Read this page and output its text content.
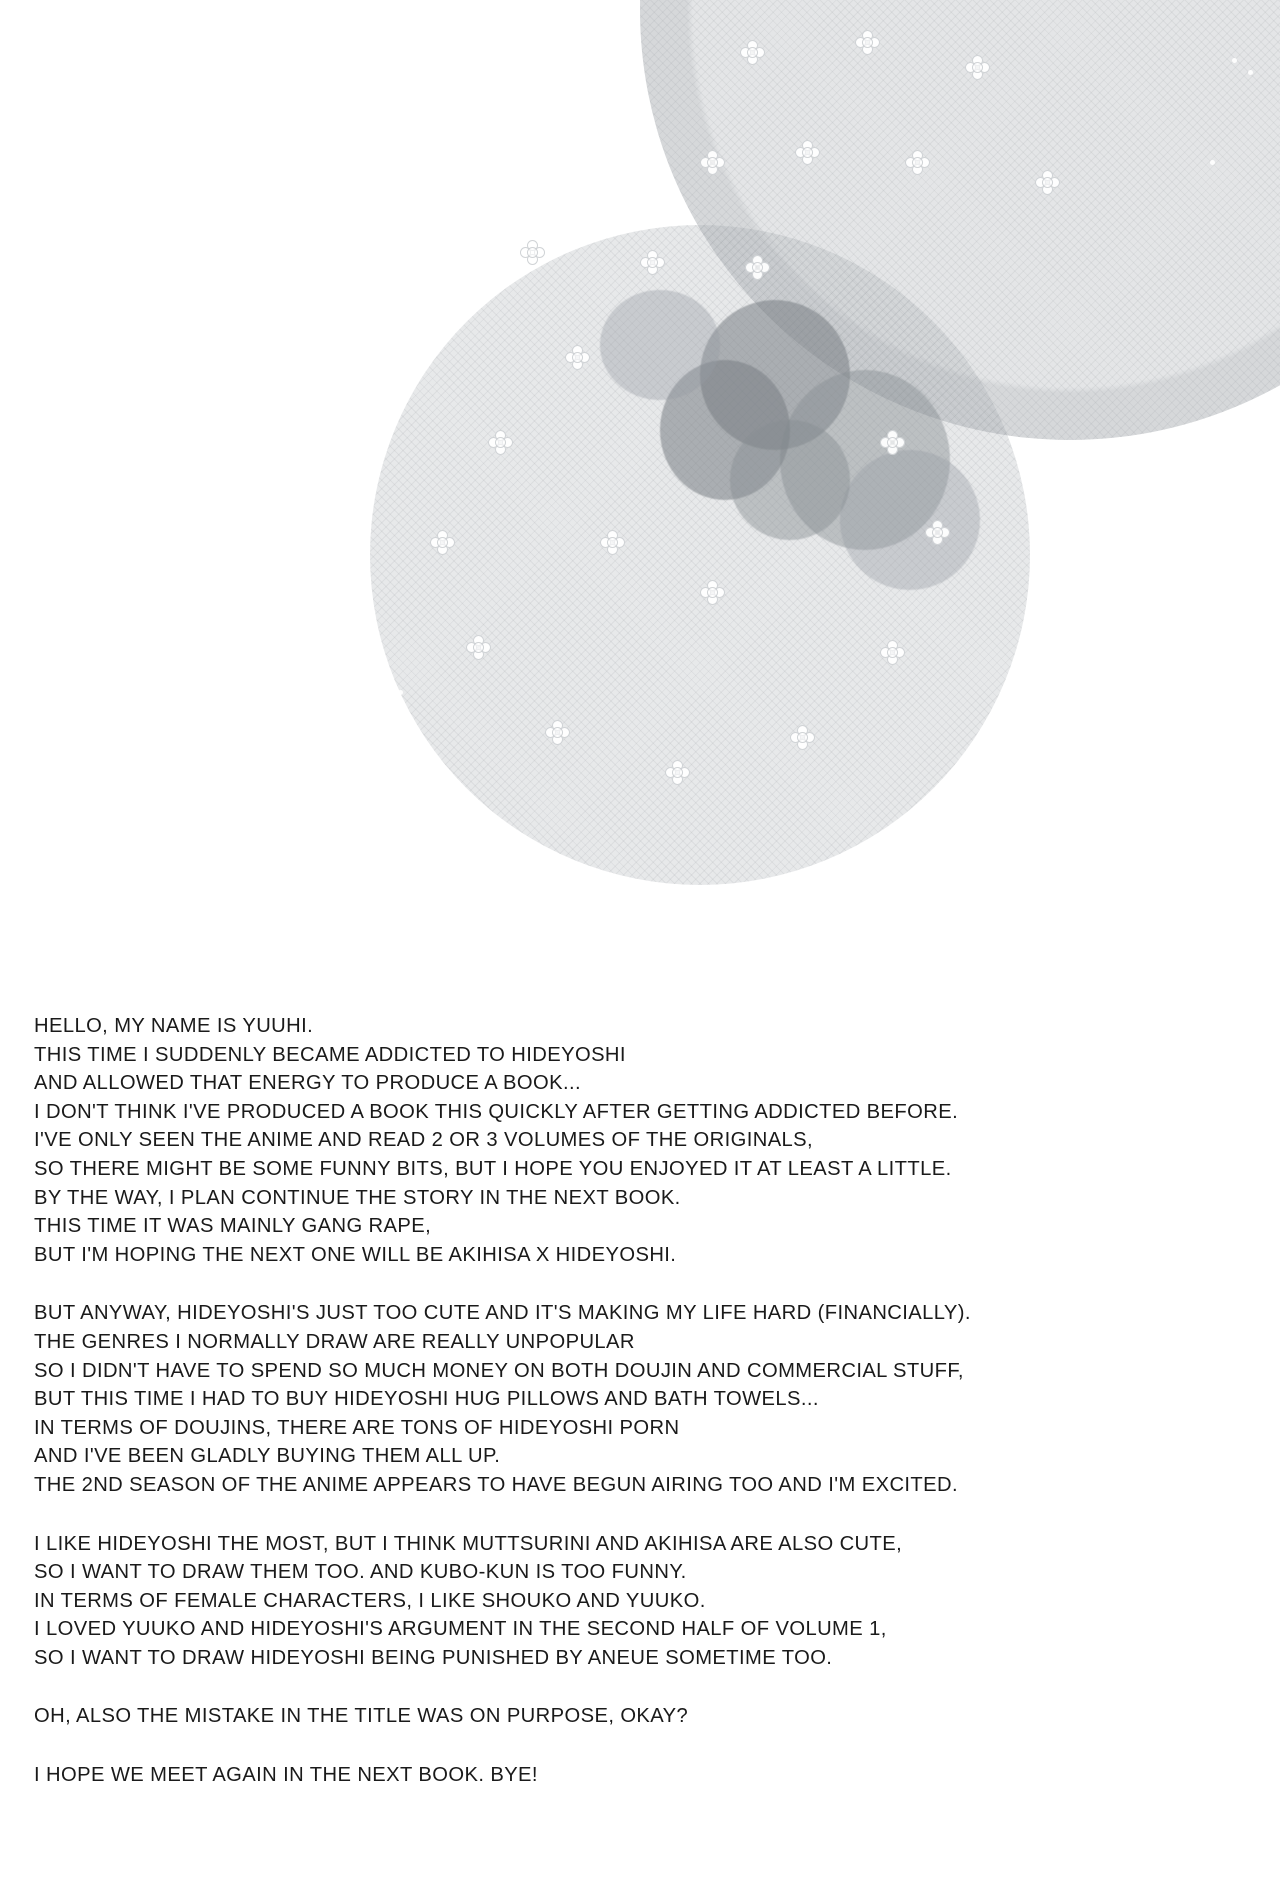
HELLO, MY NAME IS YUUHI.
THIS TIME I SUDDENLY BECAME ADDICTED TO HIDEYOSHI
AND ALLOWED THAT ENERGY TO PRODUCE A BOOK...
I DON'T THINK I'VE PRODUCED A BOOK THIS QUICKLY AFTER GETTING ADDICTED BEFORE.
I'VE ONLY SEEN THE ANIME AND READ 2 OR 3 VOLUMES OF THE ORIGINALS,
SO THERE MIGHT BE SOME FUNNY BITS, BUT I HOPE YOU ENJOYED IT AT LEAST A LITTLE.
BY THE WAY, I PLAN CONTINUE THE STORY IN THE NEXT BOOK.
THIS TIME IT WAS MAINLY GANG RAPE,
BUT I'M HOPING THE NEXT ONE WILL BE AKIHISA X HIDEYOSHI.
BUT ANYWAY, HIDEYOSHI'S JUST TOO CUTE AND IT'S MAKING MY LIFE HARD (FINANCIALLY).
THE GENRES I NORMALLY DRAW ARE REALLY UNPOPULAR
SO I DIDN'T HAVE TO SPEND SO MUCH MONEY ON BOTH DOUJIN AND COMMERCIAL STUFF,
BUT THIS TIME I HAD TO BUY HIDEYOSHI HUG PILLOWS AND BATH TOWELS...
IN TERMS OF DOUJINS, THERE ARE TONS OF HIDEYOSHI PORN
AND I'VE BEEN GLADLY BUYING THEM ALL UP.
THE 2ND SEASON OF THE ANIME APPEARS TO HAVE BEGUN AIRING TOO AND I'M EXCITED.
I LIKE HIDEYOSHI THE MOST, BUT I THINK MUTTSURINI AND AKIHISA ARE ALSO CUTE,
SO I WANT TO DRAW THEM TOO. AND KUBO-KUN IS TOO FUNNY.
IN TERMS OF FEMALE CHARACTERS, I LIKE SHOUKO AND YUUKO.
I LOVED YUUKO AND HIDEYOSHI'S ARGUMENT IN THE SECOND HALF OF VOLUME 1,
SO I WANT TO DRAW HIDEYOSHI BEING PUNISHED BY ANEUE SOMETIME TOO.
OH, ALSO THE MISTAKE IN THE TITLE WAS ON PURPOSE, OKAY?
I HOPE WE MEET AGAIN IN THE NEXT BOOK. BYE!
